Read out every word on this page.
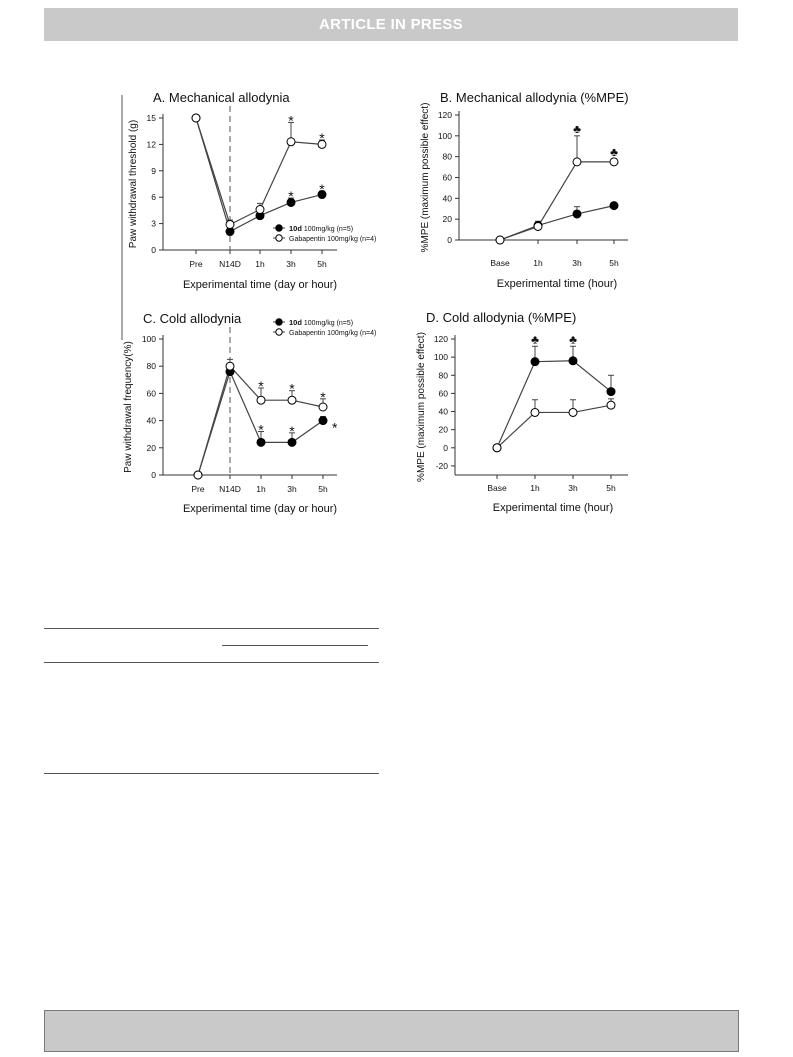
ARTICLE IN PRESS
A. Mechanical allodynia
0
3
6
9
12
15
Pre N14D 1h	3h	5h
Experimental time (day or hour)
Paw withdrawal threshold (g)	* *
*
*
10d 100mg/kg (n=5)
Gabapentin 100mg/kg (n=4)
B. Mechanical allodynia (%MPE)
0
20
40
60
80
100
120
Base	1h	3h	5h
Experimental time (hour)
%MPE (maximum possible effect)	♣
♣
C. Cold allodynia
0
20
40
60
80
100
Pre N14D 1h	3h	5h
Experimental time (day or hour)
Paw withdrawal frequency(%)	* *	*
* *
*
10d 100mg/kg (n=5)
Gabapentin 100mg/kg (n=4)
D. Cold allodynia (%MPE)
-20
0
20
40
60
80
100
120
Base	1h	3h	5h
Experimental time (hour)
%MPE (maximum possible effect)	♣	♣
